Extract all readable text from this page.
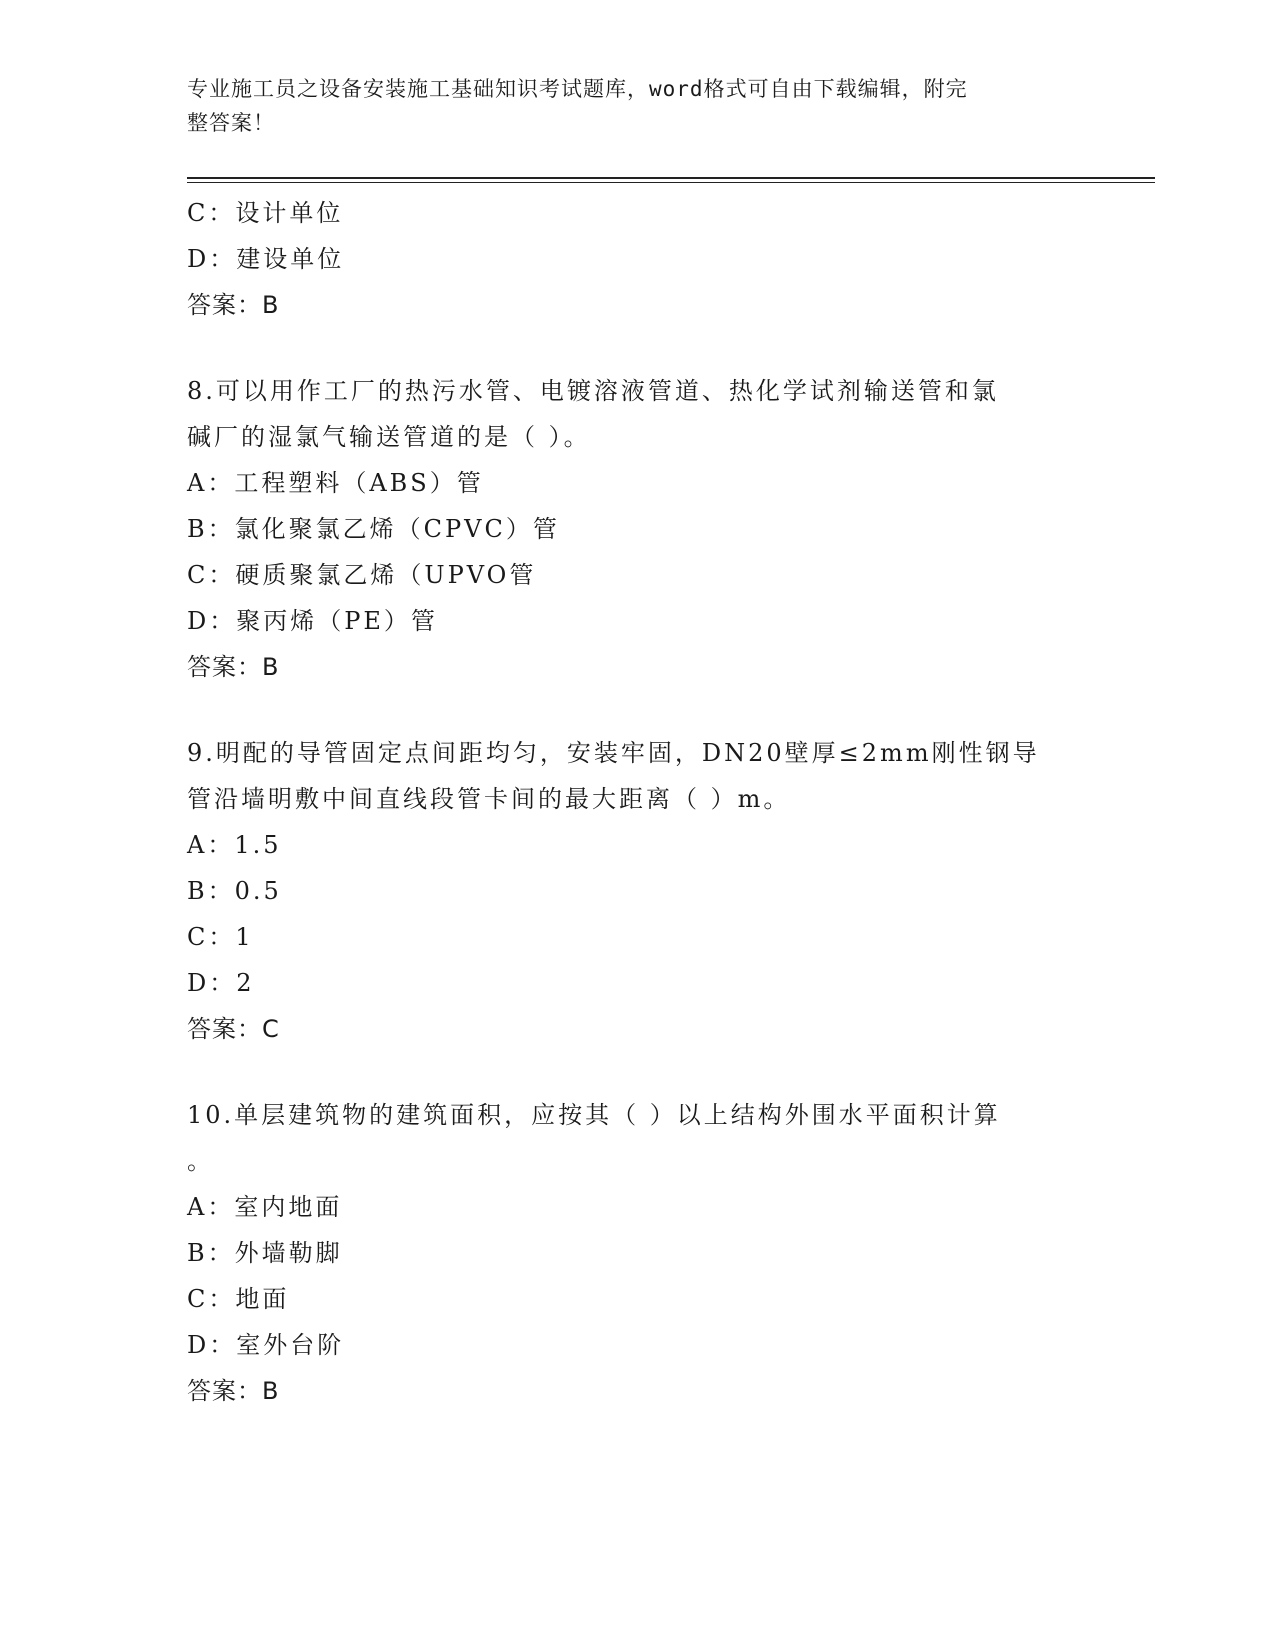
专业施工员之设备安装施工基础知识考试题库，word格式可自由下载编辑，附完
整答案！
C：设计单位
D：建设单位
答案：B
8.可以用作工厂的热污水管、电镀溶液管道、热化学试剂输送管和氯
碱厂的湿氯气输送管道的是（ ）。
A：工程塑料（ABS）管
B：氯化聚氯乙烯（CPVC）管
C：硬质聚氯乙烯（UPVO管
D：聚丙烯（PE）管
答案：B
9.明配的导管固定点间距均匀，安装牢固，DN20壁厚≤2mm刚性钢导
管沿墙明敷中间直线段管卡间的最大距离（ ）m。
A：1.5
B：0.5
C：1
D：2
答案：C
10.单层建筑物的建筑面积，应按其（ ）以上结构外围水平面积计算
。
A：室内地面
B：外墙勒脚
C：地面
D：室外台阶
答案：B
